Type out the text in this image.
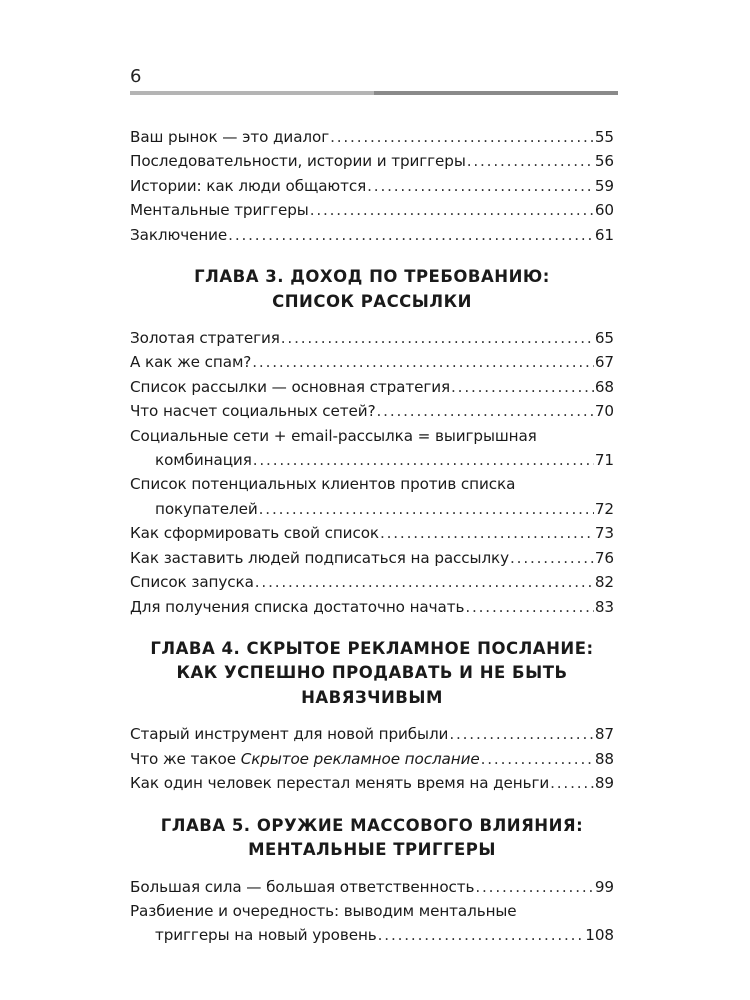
6
Ваш рынок — это диалог . . .	55
Последовательности, истории и триггеры . . .	56
Истории: как люди общаются . . .	59
Ментальные триггеры . . .	60
Заключение . . .	61
ГЛАВА 3. ДОХОД ПО ТРЕБОВАНИЮ:
СПИСОК РАССЫЛКИ
Золотая стратегия . . .	65
А как же спам? . . .	67
Список рассылки — основная стратегия . . .	68
Что насчет социальных сетей? . . .	70
Социальные сети + email-рассылка = выигрышная
комбинация . . .	71
Список потенциальных клиентов против списка
покупателей . . .	72
Как сформировать свой список . . .	73
Как заставить людей подписаться на рассылку . . .	76
Список запуска . . .	82
Для получения списка достаточно начать . . .	83
ГЛАВА 4. СКРЫТОЕ РЕКЛАМНОЕ ПОСЛАНИЕ:
КАК УСПЕШНО ПРОДАВАТЬ И НЕ БЫТЬ НАВЯЗЧИВЫМ
Старый инструмент для новой прибыли . . .	87
Что же такое Скрытое рекламное послание . . .	88
Как один человек перестал менять время на деньги . . .	89
ГЛАВА 5. ОРУЖИЕ МАССОВОГО ВЛИЯНИЯ:
МЕНТАЛЬНЫЕ ТРИГГЕРЫ
Большая сила — большая ответственность . . .	99
Разбиение и очередность: выводим ментальные
триггеры на новый уровень . . .	108
